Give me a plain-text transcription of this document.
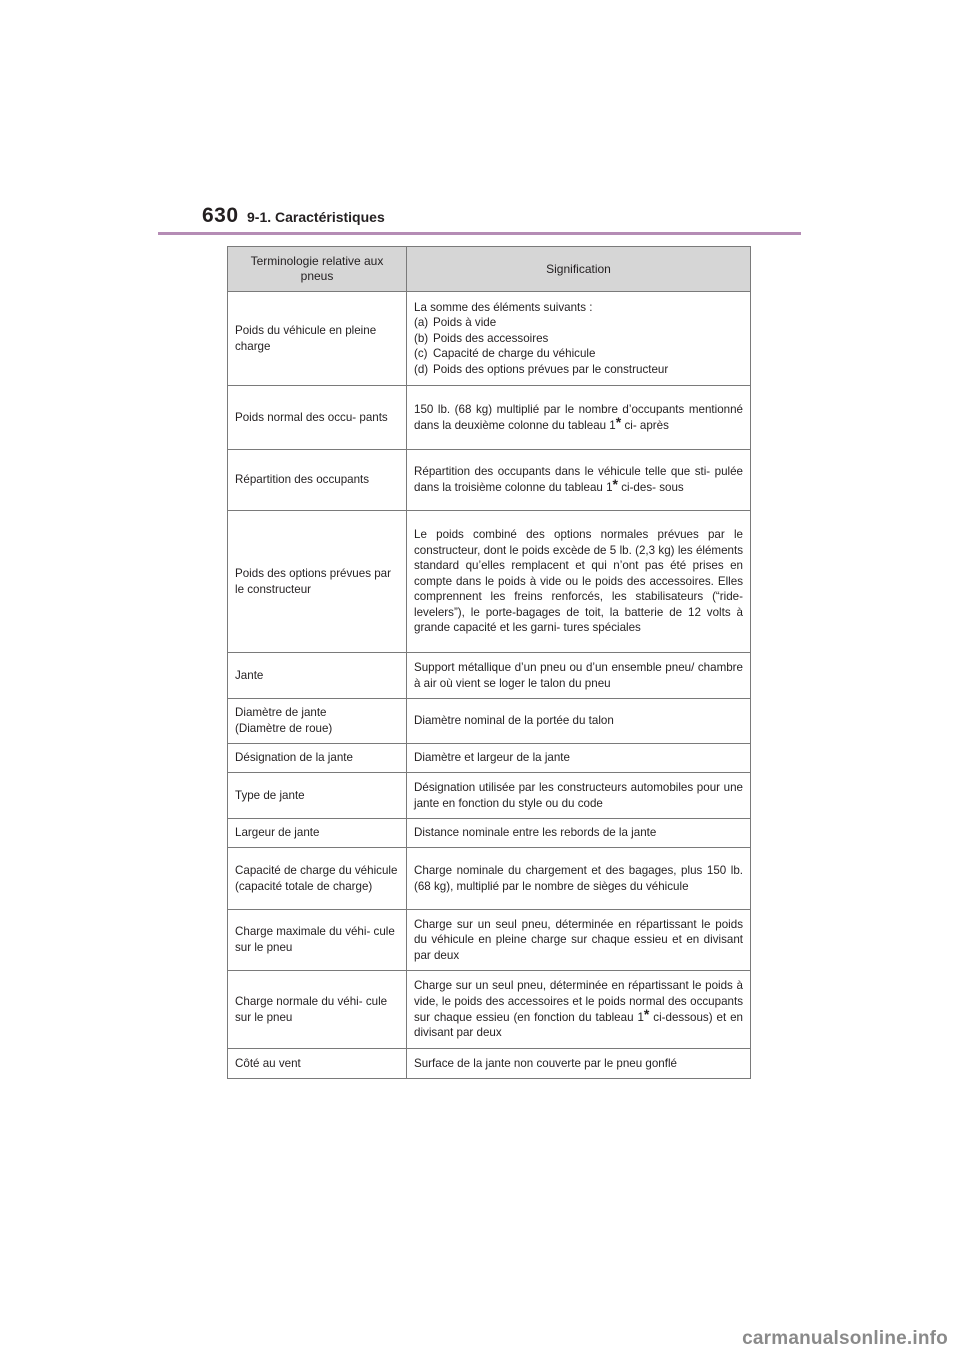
630 9-1. Caractéristiques
Terminologie relative aux pneus	Signification
Poids du véhicule en pleine charge	La somme des éléments suivants :
(a) Poids à vide
(b) Poids des accessoires
(c) Capacité de charge du véhicule
(d) Poids des options prévues par le constructeur

Poids normal des occu- pants	150 lb. (68 kg) multiplié par le nombre d’occupants mentionné dans la deuxième colonne du tableau 1* ci- après
Répartition des occupants	Répartition des occupants dans le véhicule telle que sti- pulée dans la troisième colonne du tableau 1* ci-des- sous
Poids des options prévues par le constructeur	Le poids combiné des options normales prévues par le constructeur, dont le poids excède de 5 lb. (2,3 kg) les éléments standard qu’elles remplacent et qui n’ont pas été prises en compte dans le poids à vide ou le poids des accessoires. Elles comprennent les freins renforcés, les stabilisateurs (“ride-levelers”), le porte-bagages de toit, la batterie de 12 volts à grande capacité et les garni- tures spéciales
Jante	Support métallique d’un pneu ou d’un ensemble pneu/ chambre à air où vient se loger le talon du pneu

Diamètre de jante
(Diamètre de roue)	Diamètre nominal de la portée du talon
Désignation de la jante	Diamètre et largeur de la jante
Type de jante	Désignation utilisée par les constructeurs automobiles pour une jante en fonction du style ou du code
Largeur de jante	Distance nominale entre les rebords de la jante
Capacité de charge du véhicule (capacité totale de charge)	Charge nominale du chargement et des bagages, plus 150 lb. (68 kg), multiplié par le nombre de sièges du véhicule
Charge maximale du véhi- cule sur le pneu	Charge sur un seul pneu, déterminée en répartissant le poids du véhicule en pleine charge sur chaque essieu et en divisant par deux
Charge normale du véhi- cule sur le pneu	Charge sur un seul pneu, déterminée en répartissant le poids à vide, le poids des accessoires et le poids normal des occupants sur chaque essieu (en fonction du tableau 1* ci-dessous) et en divisant par deux
Côté au vent	Surface de la jante non couverte par le pneu gonflé
carmanualsonline.info
